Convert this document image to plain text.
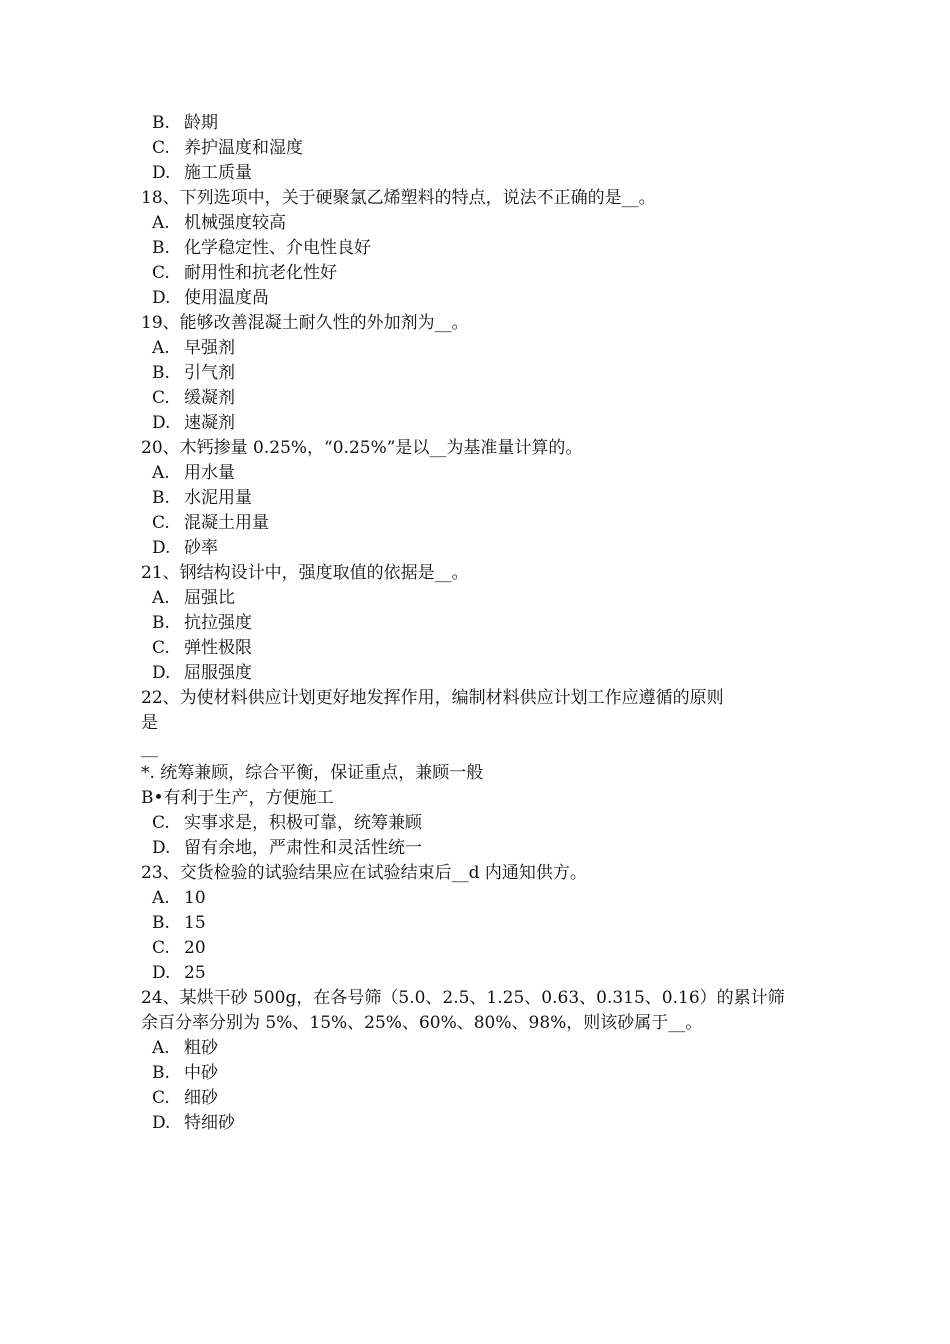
B. 龄期
C. 养护温度和湿度
D. 施工质量
18、下列选项中，关于硬聚氯乙烯塑料的特点，说法不正确的是__。
A. 机械强度较高
B. 化学稳定性、介电性良好
C. 耐用性和抗老化性好
D. 使用温度咼
19、能够改善混凝土耐久性的外加剂为__。
A. 早强剂
B. 引气剂
C. 缓凝剂
D. 速凝剂
20、木钙掺量 0.25%，“0.25%”是以__为基准量计算的。
A. 用水量
B. 水泥用量
C. 混凝土用量
D. 砂率
21、钢结构设计中，强度取值的依据是__。
A. 屈强比
B. 抗拉强度
C. 弹性极限
D. 屈服强度
22、为使材料供应计划更好地发挥作用，编制材料供应计划工作应遵循的原则
是
__
*. 统筹兼顾，综合平衡，保证重点，兼顾一般
B•有利于生产，方便施工
C. 实事求是，积极可靠，统筹兼顾
D. 留有余地，严肃性和灵活性统一
23、交货检验的试验结果应在试验结束后__d 内通知供方。
A. 10
B. 15
C. 20
D. 25
24、某烘干砂 500g，在各号筛（5.0、2.5、1.25、0.63、0.315、0.16）的累计筛
余百分率分别为 5%、15%、25%、60%、80%、98%，则该砂属于__。
A. 粗砂
B. 中砂
C. 细砂
D. 特细砂
